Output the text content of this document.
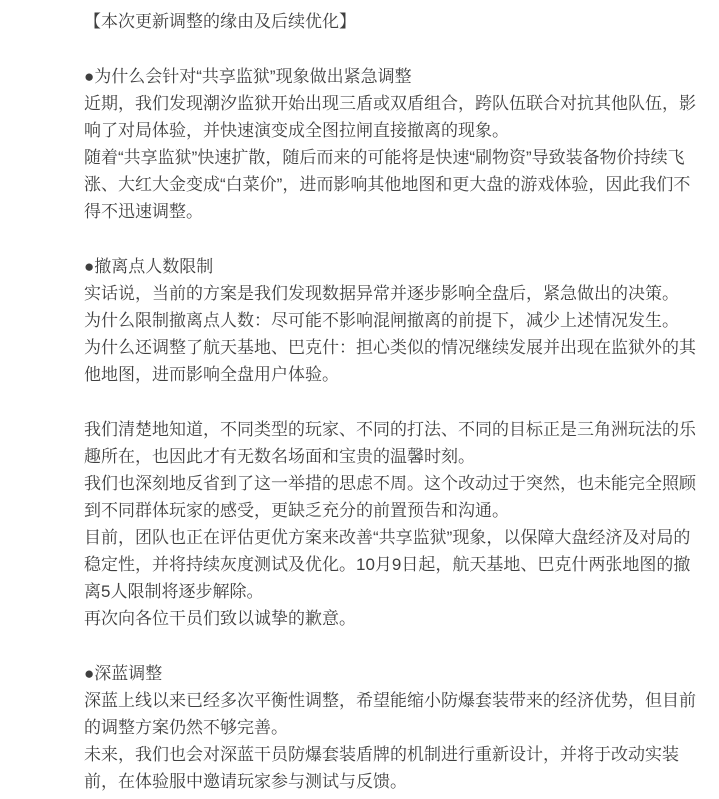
【本次更新调整的缘由及后续优化】
●为什么会针对“共享监狱”现象做出紧急调整
近期，我们发现潮汐监狱开始出现三盾或双盾组合，跨队伍联合对抗其他队伍，影
响了对局体验，并快速演变成全图拉闸直接撤离的现象。
随着“共享监狱”快速扩散，随后而来的可能将是快速“刷物资”导致装备物价持续飞
涨、大红大金变成“白菜价”，进而影响其他地图和更大盘的游戏体验，因此我们不
得不迅速调整。
●撤离点人数限制
实话说，当前的方案是我们发现数据异常并逐步影响全盘后，紧急做出的决策。
为什么限制撤离点人数：尽可能不影响混闸撤离的前提下，减少上述情况发生。
为什么还调整了航天基地、巴克什：担心类似的情况继续发展并出现在监狱外的其
他地图，进而影响全盘用户体验。
我们清楚地知道，不同类型的玩家、不同的打法、不同的目标正是三角洲玩法的乐
趣所在，也因此才有无数名场面和宝贵的温馨时刻。
我们也深刻地反省到了这一举措的思虑不周。这个改动过于突然，也未能完全照顾
到不同群体玩家的感受，更缺乏充分的前置预告和沟通。
目前，团队也正在评估更优方案来改善“共享监狱”现象，以保障大盘经济及对局的
稳定性，并将持续灰度测试及优化。10月9日起，航天基地、巴克什两张地图的撤
离5人限制将逐步解除。
再次向各位干员们致以诚挚的歉意。
●深蓝调整
深蓝上线以来已经多次平衡性调整，希望能缩小防爆套装带来的经济优势，但目前
的调整方案仍然不够完善。
未来，我们也会对深蓝干员防爆套装盾牌的机制进行重新设计，并将于改动实装
前，在体验服中邀请玩家参与测试与反馈。
